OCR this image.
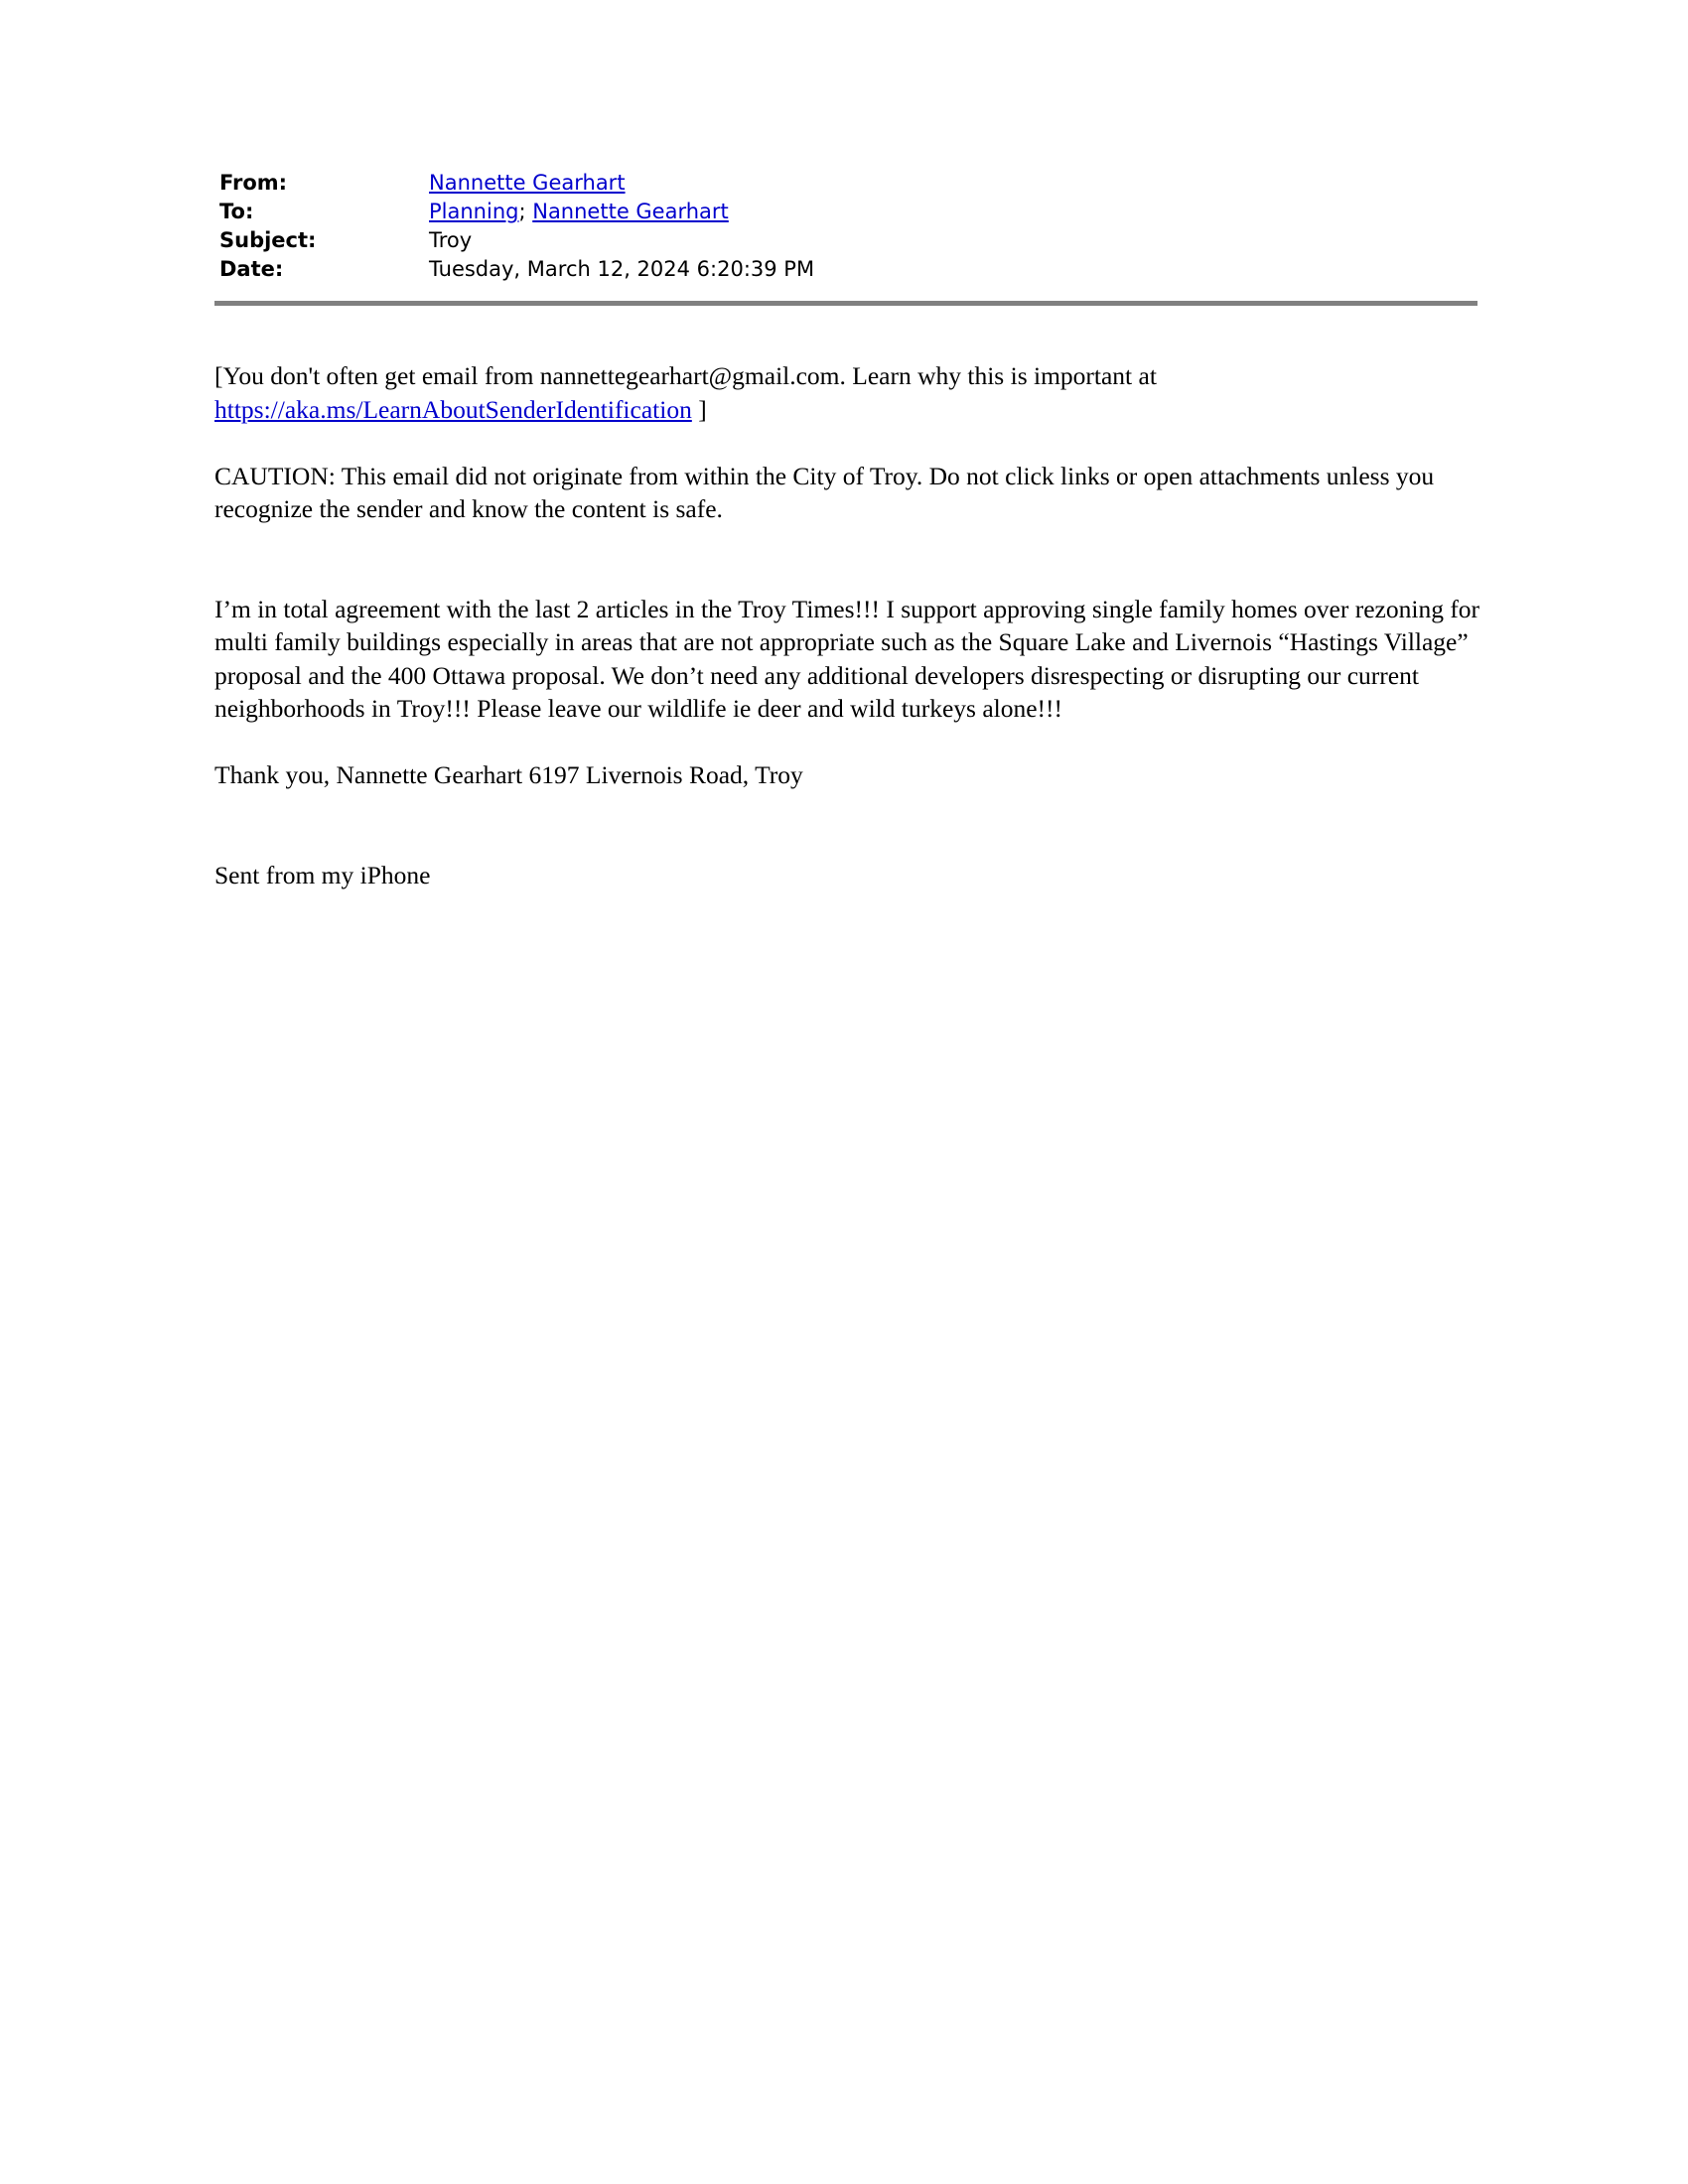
From:	Nannette Gearhart
To:	Planning; Nannette Gearhart
Subject:	Troy
Date:	Tuesday, March 12, 2024 6:20:39 PM

[You don't often get email from nannettegearhart@gmail.com. Learn why this is important at
https://aka.ms/LearnAboutSenderIdentification ]

CAUTION: This email did not originate from within the City of Troy. Do not click links or open attachments unless you recognize the sender and know the content is safe.

I’m in total agreement with the last 2 articles in the Troy Times!!! I support approving single family homes over rezoning for multi family buildings especially in areas that are not appropriate such as the Square Lake and Livernois “Hastings Village” proposal and the 400 Ottawa proposal. We don’t need any additional developers disrespecting or disrupting our current neighborhoods in Troy!!! Please leave our wildlife ie deer and wild turkeys alone!!!

Thank you, Nannette Gearhart 6197 Livernois Road, Troy

Sent from my iPhone
